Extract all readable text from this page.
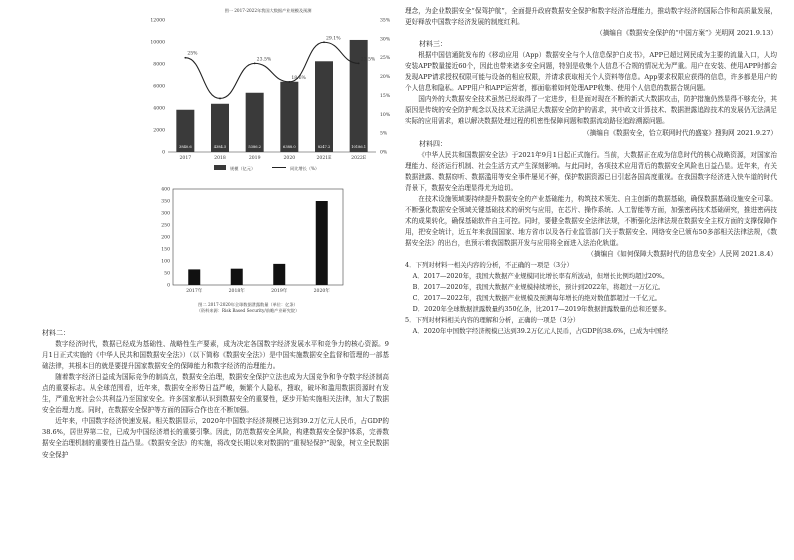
图一 2017-2022年我国大数据产业规模及预测
0
2000
4000
6000
8000
10000
12000
0%
5%
10%
15%
20%
25%
30%
35%
3840.6	4384.5	5386.2	6388.0	8247.2	10186.1
25%
23.5%
18.6%
29.1%
23.5%
2017	2018	2019	2020	2021E	2022E
规模（亿元）	同比增长（%）
0
50
100
150
200
250
300
350
400
2017年	2018年	2019年	2020年
图二 2017-2020年全球数据泄露数量（单位：亿条）
（资料来源：Risk Based Security/前瞻产业研究院）

材料二：

数字经济时代，数据已经成为基础性、战略性生产要素，成为决定各国数字经济发展水平和竞争力的核心资源。9月1日正式实施的《中华人民共和国数据安全法》）（以下简称《数据安全法》）是中国实施数据安全监督和管理的一部基础法律，其根本目的就是要提升国家数据安全的保障能力和数字经济的治理能力。

随着数字经济日益成为国际竞争的制高点，数据安全治理，数据安全保护立法也成为大国竞争和争夺数字经济制高点的重要标志。从全球范围看，近年来，数据安全形势日益严峻，频繁个人隐私，搜取，破坏和滥用数据资源时有发生，严重危害社会公共利益乃至国家安全。许多国家都认识到数据安全的重要性，逐步开始实施相关法律，加大了数据安全治理力度。同时，在数据安全保护等方面的国际合作也在不断加强。

近年来，中国数字经济快速发展。相关数据显示，2020年中国数字经济规模已达到39.2万亿元人民币，占GDP的38.6%，居世界第二位，已成为中国经济增长的重要引擎。因此，防范数据安全风险，构建数据安全保护体系，完善数据安全治理机制的重要性日益凸显。《数据安全法》的实施，将改变长期以来对数据的“重视轻保护”现象，树立全民数据安全保护

理念，为企业数据安全“保驾护航”，全面提升政府数据安全保护和数字经济治理能力，推动数字经济的国际合作和高质量发展，更好释放中国数字经济发展的制度红利。

（摘编自《数据安全保护的“中国方案”》光明网 2021.9.13）

材料三：

根据中国信通院发布的《移动应用（App）数据安全与个人信息保护白皮书》，APP已超过网民成为主要的流量入口，人均安装APP数量接近60个，因此也带来诸多安全问题，特别是收集个人信息不合规的情况尤为严重。用户在安装、使用APP时都会发现APP请求授权权限可能与设备的相应权限，并请求获取相关个人资料等信息。App要求权限应获得的信息，许多都是用户的个人信息和隐私。APP用户和APP运营者，都面临着如何处理APP收集、使用个人信息的数据合规问题。

国内外的大数据安全技术虽然已经取得了一定进步，但是面对现在不断的新式大数据攻击，防护措施仍然显得不够充分，其原因是传统的安全防护观念以及技术无法满足大数据安全防护的需求，其中政文计算技术、数据泄露追踪技术的发展仍无法满足实际的应用需求，难以解决数据处理过程的机密性保障问题和数据流动路径追踪溯源问题。

（摘编自《数据安全，恰立联网时代的盛宴》搜狗网 2021.9.27）

材料四：

《中华人民共和国数据安全法》于2021年9月1日起正式施行。当前，大数据正在成为信息时代的核心战略资源，对国家治理能力、经济运行机制、社会生活方式产生深刻影响。与此同时，各项技术应用背后的数据安全风险也日益凸显。近年来，有关数据泄露、数据窃听、数据滥用等安全事件屡见不鲜，保护数据资源已日引起各国高度重视。在我国数字经济进入快车道的时代背景下，数据安全治理显得尤为迫切。

在技术设施领域要持续提升数据安全的产业基础能力，构筑技术领先、自主创新的数据基础，确保数据基础设施安全可靠。不断强化数据安全领域关键基础技术的研究与应用，在芯片、操作系统、人工智能等方面，加强密码技术基础研究，推进密码技术的成果转化，确保基础软件自主可控。同时，要健全数据安全法律法规，不断强化法律法规在数据安全主权方面的支撑保障作用，把安全统计，近五年来我国国家、地方省市以及各行业监管部门关于数据安全、网络安全已颁布50多部相关法律法规，《数据安全法》的出台，也预示着我国数据开发与应用将全面进入法治化轨道。

（摘编自《如何保障大数据时代的信息安全》人民网 2021.8.4）

4．下列对材料一相关内容的分析，不正确的一项是（3分）

A．2017—2020年，我国大数据产业规模同比增长率有所波动，但增长比例均超过20%。

B．2017—2020年，我国大数据产业规模持续增长，预计到2022年，将超过一万亿元。

C．2017—2022年，我国大数据产业规模及预测每年增长的绝对数值都超过一千亿元。

D．2020年全球数据泄露数量约350亿条，比2017—2019年数据泄露数量的总和还要多。

5．下列对材料相关内容的理解和分析，正确的一项是（3分）

A．2020年中国数字经济规模已达到39.2万亿元人民币，占GDP的38.6%，已成为中国经
